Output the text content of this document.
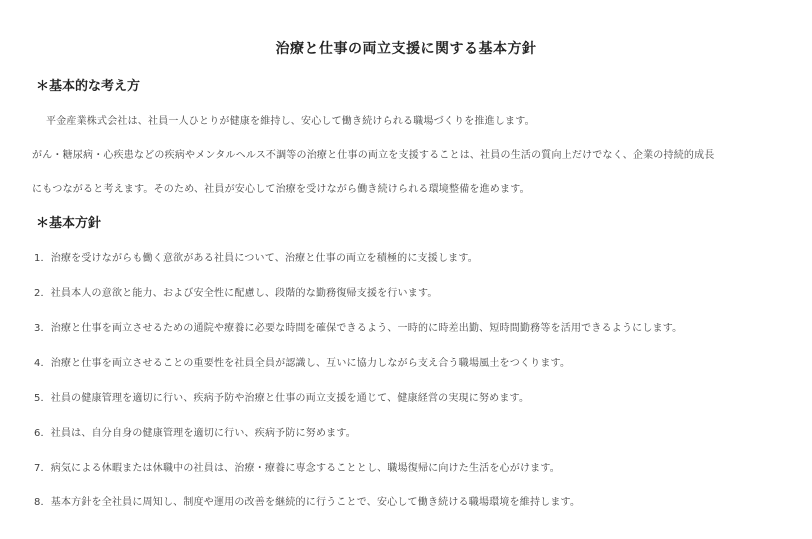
治療と仕事の両立支援に関する基本方針
＊基本的な考え方
平金産業株式会社は、社員一人ひとりが健康を維持し、安心して働き続けられる職場づくりを推進します。
がん・糖尿病・心疾患などの疾病やメンタルヘルス不調等の治療と仕事の両立を支援することは、社員の生活の質向上だけでなく、企業の持続的成長
にもつながると考えます。そのため、社員が安心して治療を受けながら働き続けられる環境整備を進めます。
＊基本方針
1．治療を受けながらも働く意欲がある社員について、治療と仕事の両立を積極的に支援します。
2．社員本人の意欲と能力、および安全性に配慮し、段階的な勤務復帰支援を行います。
3．治療と仕事を両立させるための通院や療養に必要な時間を確保できるよう、一時的に時差出勤、短時間勤務等を活用できるようにします。
4．治療と仕事を両立させることの重要性を社員全員が認識し、互いに協力しながら支え合う職場風土をつくります。
5．社員の健康管理を適切に行い、疾病予防や治療と仕事の両立支援を通じて、健康経営の実現に努めます。
6．社員は、自分自身の健康管理を適切に行い、疾病予防に努めます。
7．病気による休暇または休職中の社員は、治療・療養に専念することとし、職場復帰に向けた生活を心がけます。
8．基本方針を全社員に周知し、制度や運用の改善を継続的に行うことで、安心して働き続ける職場環境を維持します。
